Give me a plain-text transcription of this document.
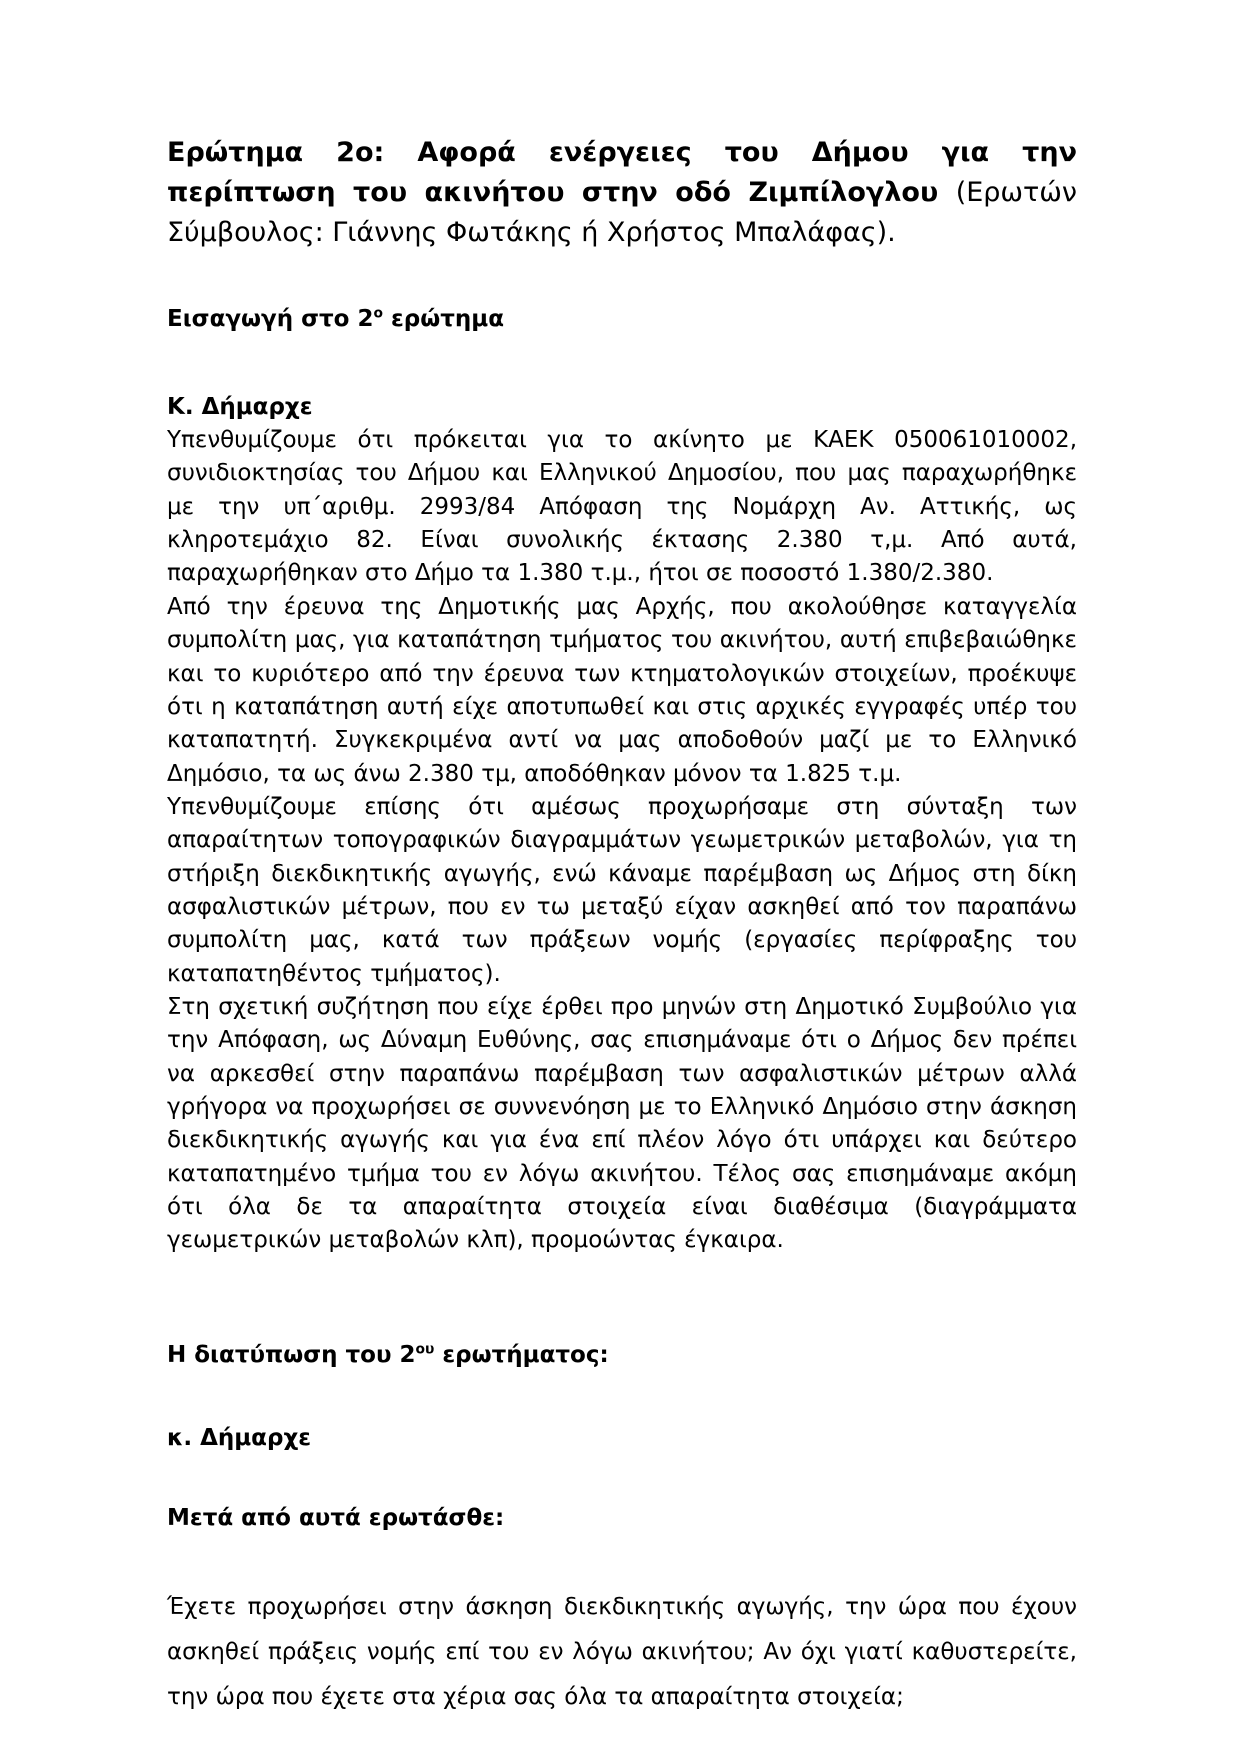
Ερώτημα 2ο: Αφορά ενέργειες του Δήμου για την περίπτωση του ακινήτου στην οδό Ζιμπίλογλου (Ερωτών Σύμβουλος: Γιάννης Φωτάκης ή Χρήστος Μπαλάφας).
Εισαγωγή στο $2^o$ ερώτημα

Κ. Δήμαρχε

Υπενθυμίζουμε ότι πρόκειται για το ακίνητο με ΚΑΕΚ 050061010002, συνιδιοκτησίας του Δήμου και Ελληνικού Δημοσίου, που μας παραχωρήθηκε με την υπ΄αριθμ. 2993/84 Απόφαση της Νομάρχη Αν. Αττικής, ως κληροτεμάχιο 82. Είναι συνολικής έκτασης 2.380 τ,μ. Από αυτά, παραχωρήθηκαν στο Δήμο τα 1.380 τ.μ., ήτοι σε ποσοστό 1.380/2.380.

Από την έρευνα της Δημοτικής μας Αρχής, που ακολούθησε καταγγελία συμπολίτη μας, για καταπάτηση τμήματος του ακινήτου, αυτή επιβεβαιώθηκε και το κυριότερο από την έρευνα των κτηματολογικών στοιχείων, προέκυψε ότι η καταπάτηση αυτή είχε αποτυπωθεί και στις αρχικές εγγραφές υπέρ του καταπατητή. Συγκεκριμένα αντί να μας αποδοθούν μαζί με το Ελληνικό Δημόσιο, τα ως άνω 2.380 τμ, αποδόθηκαν μόνον τα 1.825 τ.μ.

Υπενθυμίζουμε επίσης ότι αμέσως προχωρήσαμε στη σύνταξη των απαραίτητων τοπογραφικών διαγραμμάτων γεωμετρικών μεταβολών, για τη στήριξη διεκδικητικής αγωγής, ενώ κάναμε παρέμβαση ως Δήμος στη δίκη ασφαλιστικών μέτρων, που εν τω μεταξύ είχαν ασκηθεί από τον παραπάνω συμπολίτη μας, κατά των πράξεων νομής (εργασίες περίφραξης του καταπατηθέντος τμήματος).

Στη σχετική συζήτηση που είχε έρθει προ μηνών στη Δημοτικό Συμβούλιο για την Απόφαση, ως Δύναμη Ευθύνης, σας επισημάναμε ότι ο Δήμος δεν πρέπει να αρκεσθεί στην παραπάνω παρέμβαση των ασφαλιστικών μέτρων αλλά γρήγορα να προχωρήσει σε συννενόηση με το Ελληνικό Δημόσιο στην άσκηση διεκδικητικής αγωγής και για ένα επί πλέον λόγο ότι υπάρχει και δεύτερο καταπατημένο τμήμα του εν λόγω ακινήτου. Τέλος σας επισημάναμε ακόμη ότι όλα δε τα απαραίτητα στοιχεία είναι διαθέσιμα (διαγράμματα γεωμετρικών μεταβολών κλπ), προμοώντας έγκαιρα.

Η διατύπωση του $2^{o\upsilon}$ ερωτήματος:

κ. Δήμαρχε

Μετά από αυτά ερωτάσθε:

Έχετε προχωρήσει στην άσκηση διεκδικητικής αγωγής, την ώρα που έχουν ασκηθεί πράξεις νομής επί του εν λόγω ακινήτου; Αν όχι γιατί καθυστερείτε, την ώρα που έχετε στα χέρια σας όλα τα απαραίτητα στοιχεία;
